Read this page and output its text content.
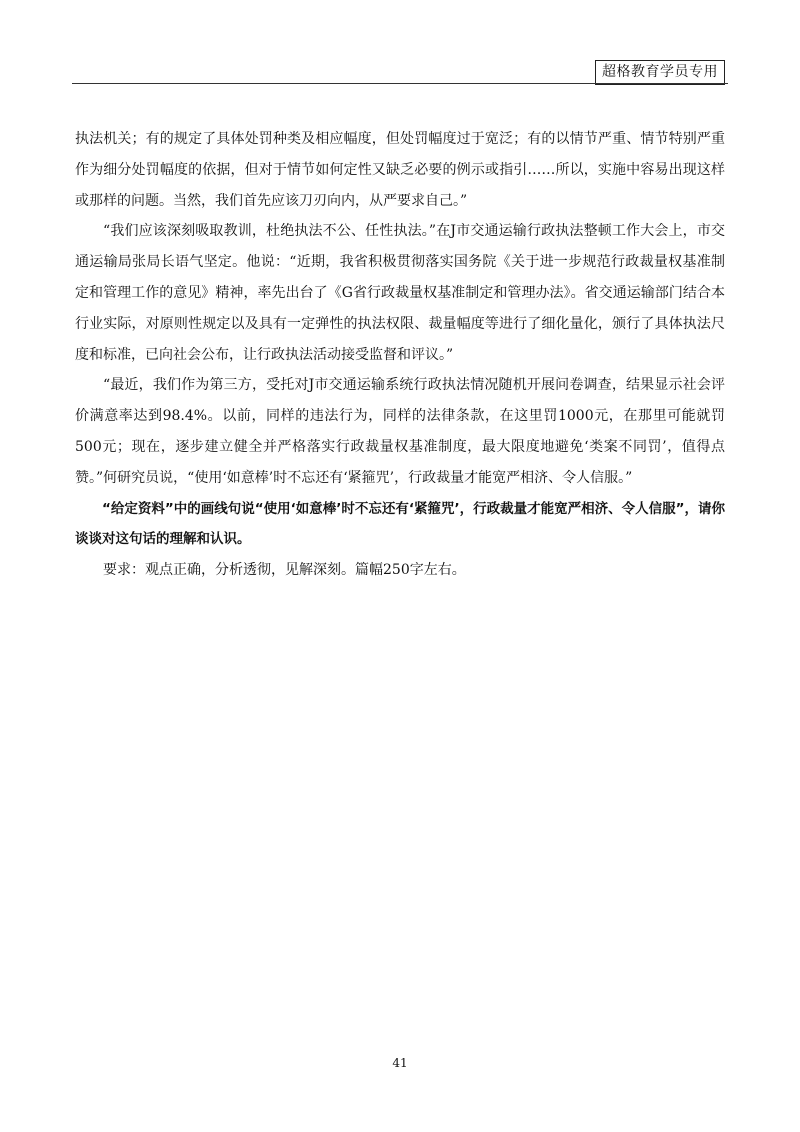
超格教育学员专用

执法机关；有的规定了具体处罚种类及相应幅度，但处罚幅度过于宽泛；有的以情节严重、情节特别严重作为细分处罚幅度的依据，但对于情节如何定性又缺乏必要的例示或指引……所以，实施中容易出现这样或那样的问题。当然，我们首先应该刀刃向内，从严要求自己。”

“我们应该深刻吸取教训，杜绝执法不公、任性执法。”在J市交通运输行政执法整顿工作大会上，市交通运输局张局长语气坚定。他说：“近期，我省积极贯彻落实国务院《关于进一步规范行政裁量权基准制定和管理工作的意见》精神，率先出台了《G省行政裁量权基准制定和管理办法》。省交通运输部门结合本行业实际，对原则性规定以及具有一定弹性的执法权限、裁量幅度等进行了细化量化，颁行了具体执法尺度和标准，已向社会公布，让行政执法活动接受监督和评议。”

“最近，我们作为第三方，受托对J市交通运输系统行政执法情况随机开展问卷调查，结果显示社会评价满意率达到98.4%。以前，同样的违法行为，同样的法律条款，在这里罚1000元，在那里可能就罚500元；现在，逐步建立健全并严格落实行政裁量权基准制度，最大限度地避免‘类案不同罚’，值得点赞。”何研究员说，“使用‘如意棒’时不忘还有‘紧箍咒’，行政裁量才能宽严相济、令人信服。”

“给定资料”中的画线句说“使用‘如意棒’时不忘还有‘紧箍咒’，行政裁量才能宽严相济、令人信服”，请你谈谈对这句话的理解和认识。

要求：观点正确，分析透彻，见解深刻。篇幅250字左右。

41
